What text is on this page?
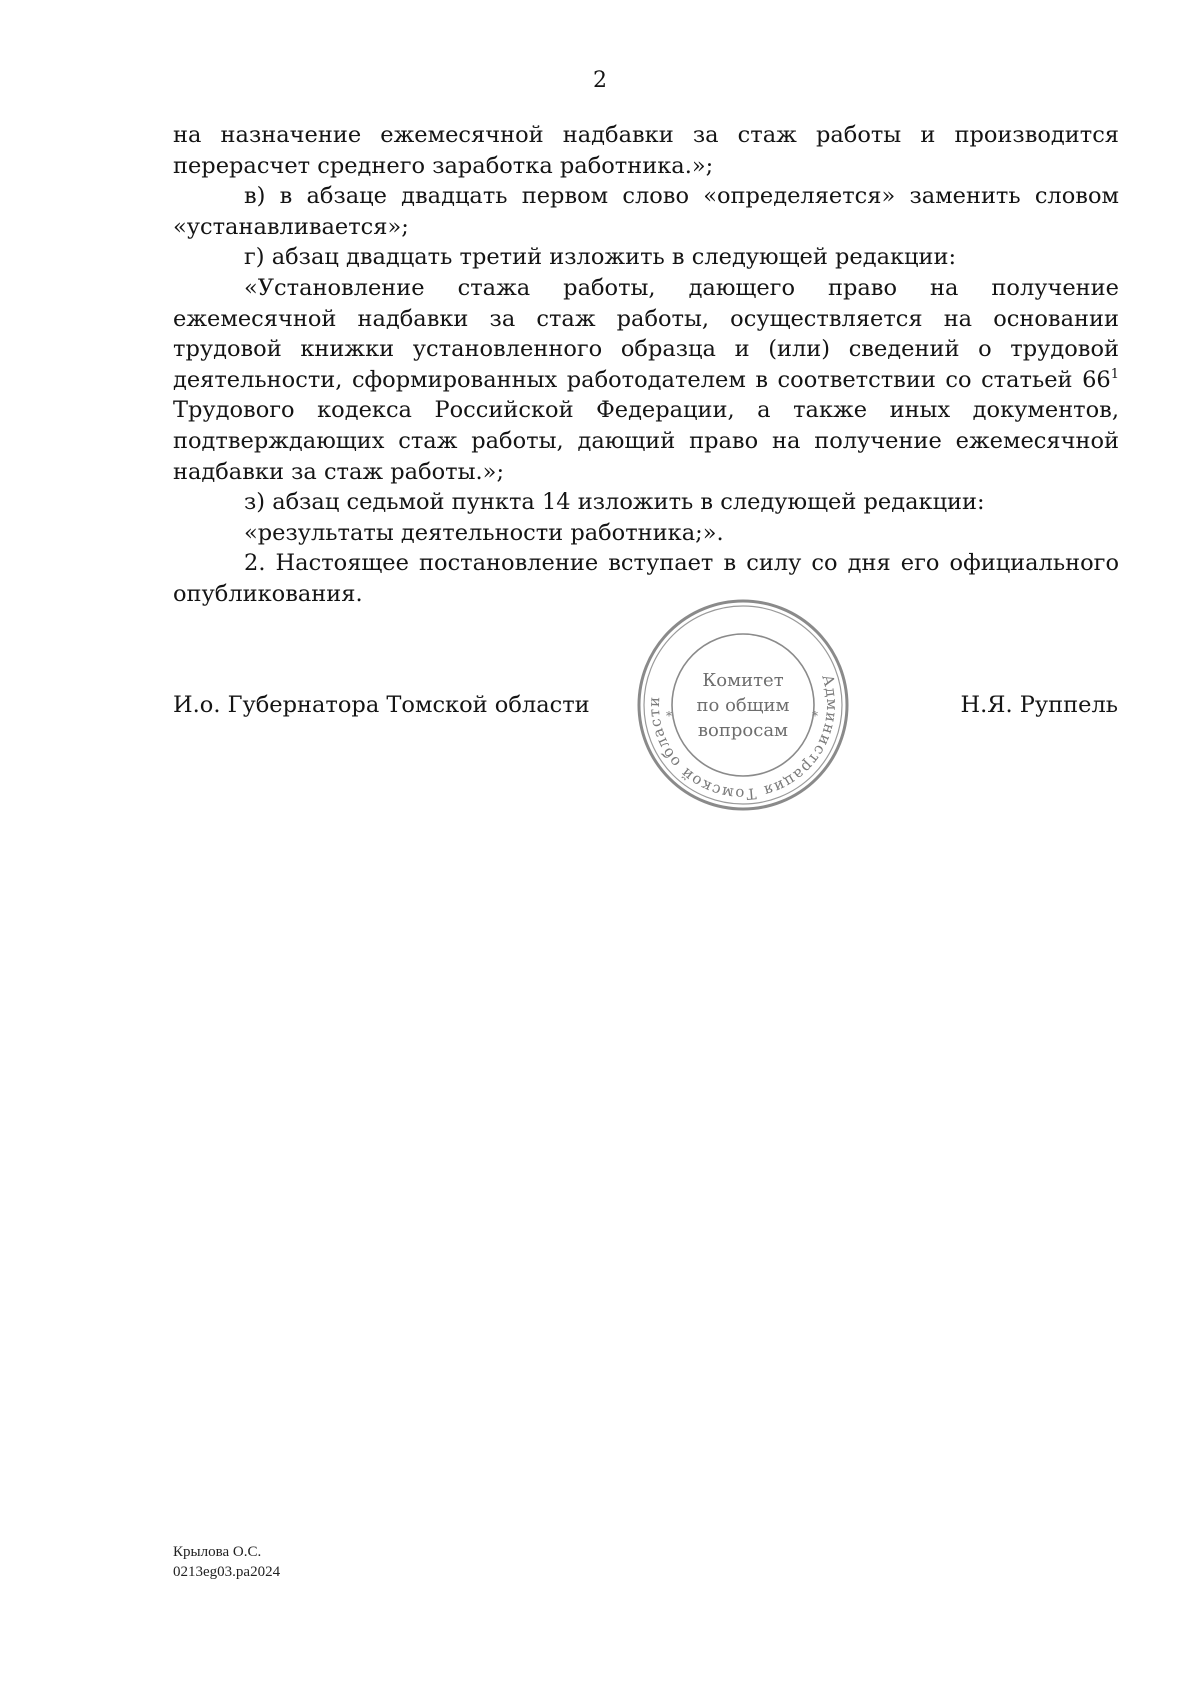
2

на назначение ежемесячной надбавки за стаж работы и производится перерасчет среднего заработка работника.»;

в) в абзаце двадцать первом слово «определяется» заменить словом «устанавливается»;

г) абзац двадцать третий изложить в следующей редакции:

«Установление стажа работы, дающего право на получение ежемесячной надбавки за стаж работы, осуществляется на основании трудовой книжки установленного образца и (или) сведений о трудовой деятельности, сформированных работодателем в соответствии со статьей $66^1$ Трудового кодекса Российской Федерации, а также иных документов, подтверждающих стаж работы, дающий право на получение ежемесячной надбавки за стаж работы.»;

з) абзац седьмой пункта 14 изложить в следующей редакции:

«результаты деятельности работника;».

2. Настоящее постановление вступает в силу со дня его официального опубликования.

И.о. Губернатора Томской области	Н.Я. Руппель
Администрация Томской области
*	*
Комитет
по общим
вопросам
Крылова О.С.
0213eg03.pa2024
